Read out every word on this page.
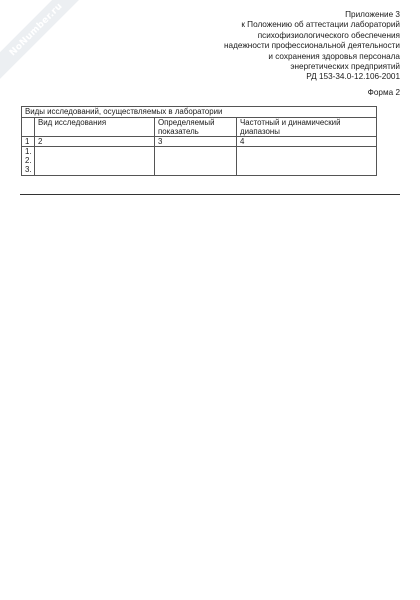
NoNumber.ru	Приложение 3
к Положению об аттестации лабораторий
психофизиологического обеспечения
надежности профессиональной деятельности
и сохранения здоровья персонала
энергетических предприятий
РД 153-34.0-12.106-2001
Форма 2
Виды исследований, осуществляемых в лаборатории			
	Вид исследования	Определяемый показатель	Частотный и динамический диапазоны
1	2	3	4

1.
2.
3.			
